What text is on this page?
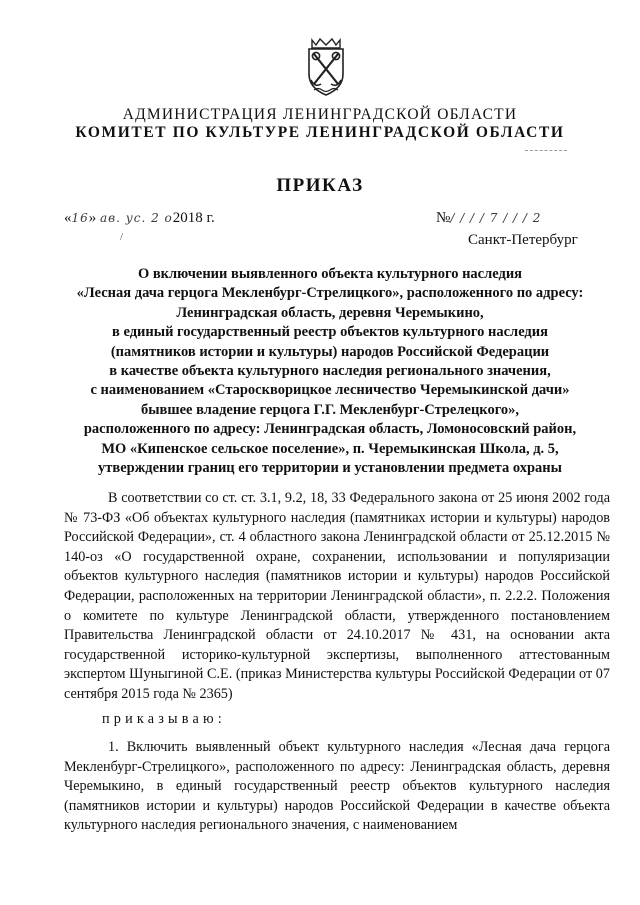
АДМИНИСТРАЦИЯ ЛЕНИНГРАДСКОЙ ОБЛАСТИ
КОМИТЕТ ПО КУЛЬТУРЕ ЛЕНИНГРАДСКОЙ ОБЛАСТИ
ПРИКАЗ
«16» ав. ус. 2 о2018 г.	№/ / / / 7 / / / 2
/	Санкт-Петербург
О включении выявленного объекта культурного наследия
«Лесная дача герцога Мекленбург-Стрелицкого», расположенного по адресу:
Ленинградская область, деревня Черемыкино,
в единый государственный реестр объектов культурного наследия
(памятников истории и культуры) народов Российской Федерации
в качестве объекта культурного наследия регионального значения,
с наименованием «Староскворицкое лесничество Черемыкинской дачи»
бывшее владение герцога Г.Г. Мекленбург-Стрелецкого»,
расположенного по адресу: Ленинградская область, Ломоносовский район,
МО «Кипенское сельское поселение», п. Черемыкинская Школа, д. 5,
утверждении границ его территории и установлении предмета охраны
В соответствии со ст. ст. 3.1, 9.2, 18, 33 Федерального закона от 25 июня 2002 года № 73-ФЗ «Об объектах культурного наследия (памятниках истории и культуры) народов Российской Федерации», ст. 4 областного закона Ленинградской области от 25.12.2015 № 140-оз «О государственной охране, сохранении, использовании и популяризации объектов культурного наследия (памятников истории и культуры) народов Российской Федерации, расположенных на территории Ленинградской области», п. 2.2.2. Положения о комитете по культуре Ленинградской области, утвержденного постановлением Правительства Ленинградской области от 24.10.2017 № 431, на основании акта государственной историко-культурной экспертизы, выполненного аттестованным экспертом Шуныгиной С.Е. (приказ Министерства культуры Российской Федерации от 07 сентября 2015 года № 2365)
приказываю:
1. Включить выявленный объект культурного наследия «Лесная дача герцога Мекленбург-Стрелицкого», расположенного по адресу: Ленинградская область, деревня Черемыкино, в единый государственный реестр объектов культурного наследия (памятников истории и культуры) народов Российской Федерации в качестве объекта культурного наследия регионального значения, с наименованием
